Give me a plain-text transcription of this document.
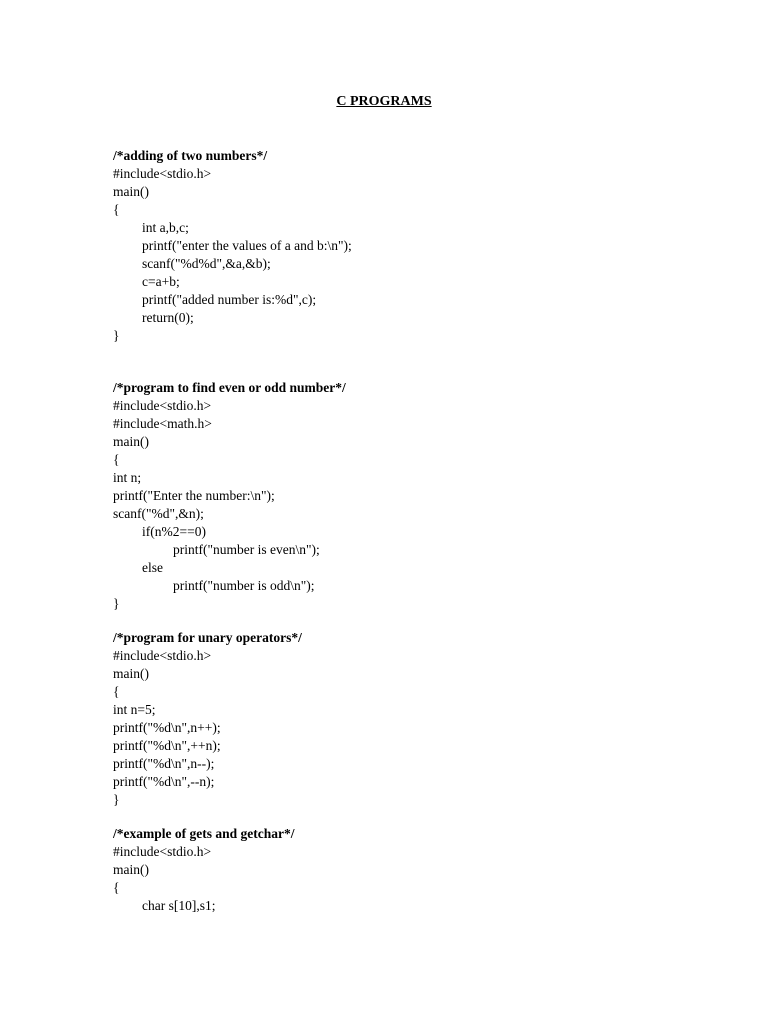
C PROGRAMS
/*adding of two numbers*/
#include<stdio.h>
main()
{
int a,b,c;
printf("enter the values of a and b:\n");
scanf("%d%d",&a,&b);
c=a+b;
printf("added number is:%d",c);
return(0);
}
/*program to find even or odd number*/
#include<stdio.h>
#include<math.h>
main()
{
int n;
printf("Enter the number:\n");
scanf("%d",&n);
if(n%2==0)
printf("number is even\n");
else
printf("number is odd\n");
}
/*program for unary operators*/
#include<stdio.h>
main()
{
int n=5;
printf("%d\n",n++);
printf("%d\n",++n);
printf("%d\n",n--);
printf("%d\n",--n);
}
/*example of gets and getchar*/
#include<stdio.h>
main()
{
char s[10],s1;
